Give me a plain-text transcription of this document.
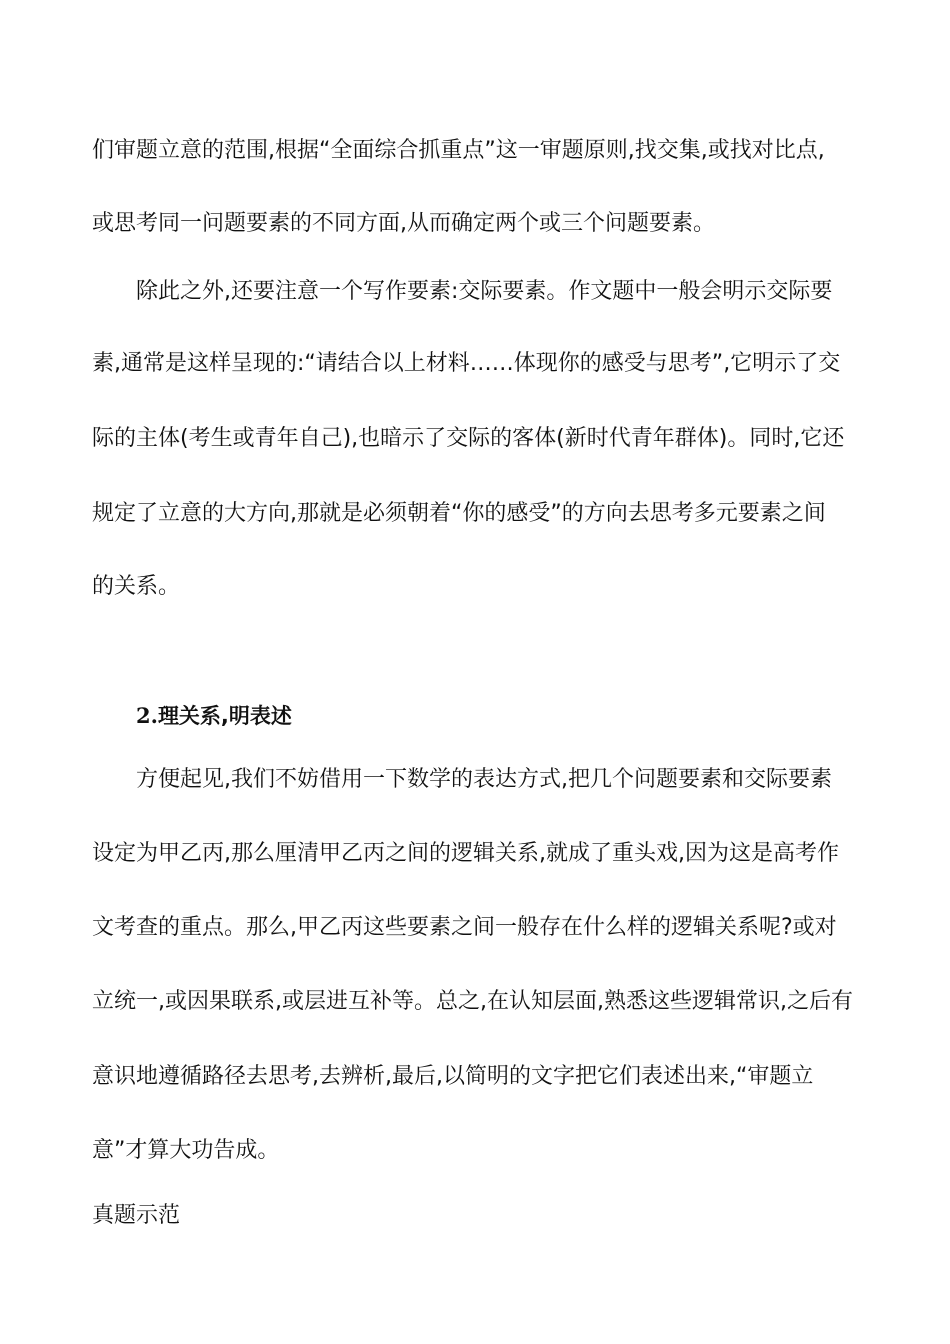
们审题立意的范围,根据“全面综合抓重点”这一审题原则,找交集,或找对比点,
或思考同一问题要素的不同方面,从而确定两个或三个问题要素。
除此之外,还要注意一个写作要素:交际要素。作文题中一般会明示交际要
素,通常是这样呈现的:“请结合以上材料……体现你的感受与思考”,它明示了交
际的主体(考生或青年自己),也暗示了交际的客体(新时代青年群体)。同时,它还
规定了立意的大方向,那就是必须朝着“你的感受”的方向去思考多元要素之间
的关系。
2.理关系,明表述
方便起见,我们不妨借用一下数学的表达方式,把几个问题要素和交际要素
设定为甲乙丙,那么厘清甲乙丙之间的逻辑关系,就成了重头戏,因为这是高考作
文考查的重点。那么,甲乙丙这些要素之间一般存在什么样的逻辑关系呢?或对
立统一,或因果联系,或层进互补等。总之,在认知层面,熟悉这些逻辑常识,之后有
意识地遵循路径去思考,去辨析,最后,以简明的文字把它们表述出来,“审题立
意”才算大功告成。
真题示范
